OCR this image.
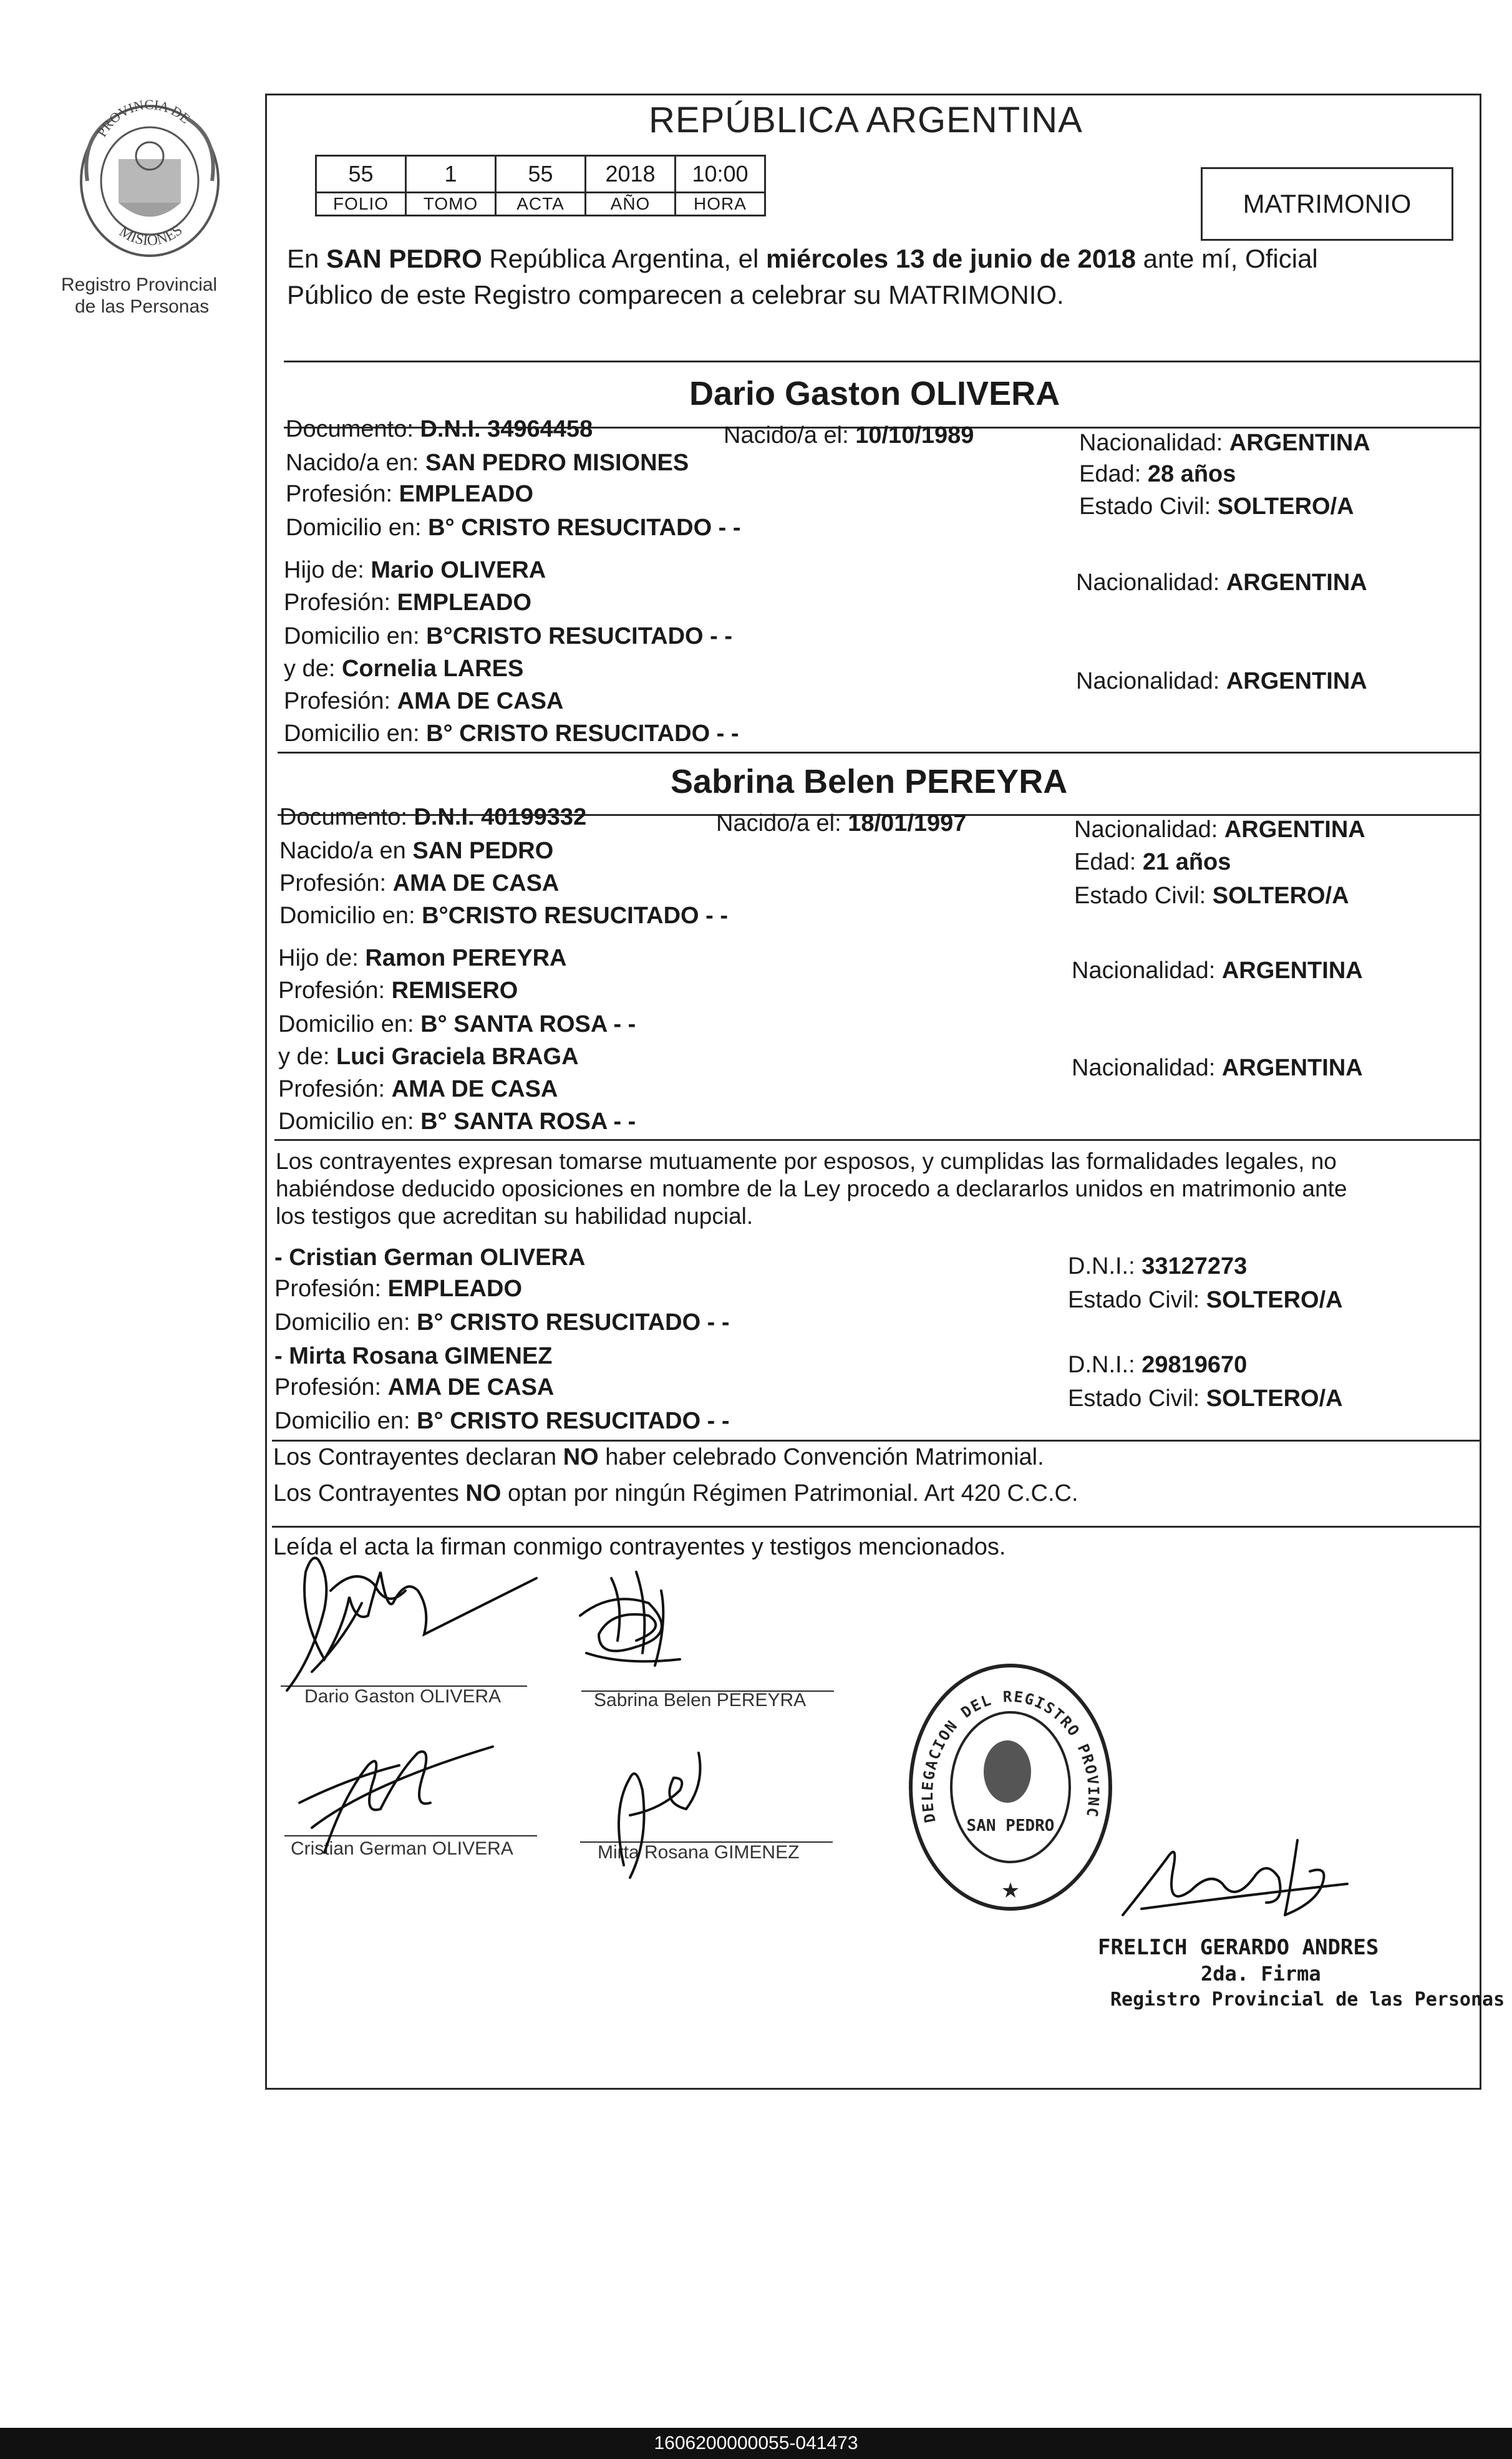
PROVINCIA DE
MISIONES
Registro Provincial
de las Personas
REPÚBLICA ARGENTINA
55	1	55	2018	10:00
FOLIO	TOMO	ACTA	AÑO	HORA	MATRIMONIO
En SAN PEDRO República Argentina, el miércoles 13 de junio de 2018 ante mí, Oficial
Público de este Registro comparecen a celebrar su MATRIMONIO.
Dario Gaston OLIVERA
Documento: D.N.I. 34964458	Nacido/a el: 10/10/1989	Nacionalidad: ARGENTINA
Nacido/a en: SAN PEDRO MISIONES	Edad: 28 años
Profesión: EMPLEADO	Estado Civil: SOLTERO/A
Domicilio en: B° CRISTO RESUCITADO - -
Hijo de: Mario OLIVERA	Nacionalidad: ARGENTINA
Profesión: EMPLEADO
Domicilio en: B°CRISTO RESUCITADO - -
y de: Cornelia LARES	Nacionalidad: ARGENTINA
Profesión: AMA DE CASA
Domicilio en: B° CRISTO RESUCITADO - -
Sabrina Belen PEREYRA
Documento: D.N.I. 40199332	Nacido/a el: 18/01/1997	Nacionalidad: ARGENTINA
Nacido/a en SAN PEDRO	Edad: 21 años
Profesión: AMA DE CASA	Estado Civil: SOLTERO/A
Domicilio en: B°CRISTO RESUCITADO - -
Hijo de: Ramon PEREYRA	Nacionalidad: ARGENTINA
Profesión: REMISERO
Domicilio en: B° SANTA ROSA - -
y de: Luci Graciela BRAGA	Nacionalidad: ARGENTINA
Profesión: AMA DE CASA
Domicilio en: B° SANTA ROSA - -
Los contrayentes expresan tomarse mutuamente por esposos, y cumplidas las formalidades legales, no
habiéndose deducido oposiciones en nombre de la Ley procedo a declararlos unidos en matrimonio ante
los testigos que acreditan su habilidad nupcial.
- Cristian German OLIVERA	D.N.I.: 33127273
Profesión: EMPLEADO	Estado Civil: SOLTERO/A
Domicilio en: B° CRISTO RESUCITADO - -
- Mirta Rosana GIMENEZ	D.N.I.: 29819670
Profesión: AMA DE CASA	Estado Civil: SOLTERO/A
Domicilio en: B° CRISTO RESUCITADO - -
Los Contrayentes declaran NO haber celebrado Convención Matrimonial.
Los Contrayentes NO optan por ningún Régimen Patrimonial. Art 420 C.C.C.
Leída el acta la firman conmigo contrayentes y testigos mencionados.
Dario Gaston OLIVERA	Sabrina Belen PEREYRA
Cristian German OLIVERA	Mirta Rosana GIMENEZ
DELEGACION DEL REGISTRO PROVINC
SAN PEDRO
★
FRELICH GERARDO ANDRES
2da. Firma
Registro Provincial de las Personas
1606200000055-041473
